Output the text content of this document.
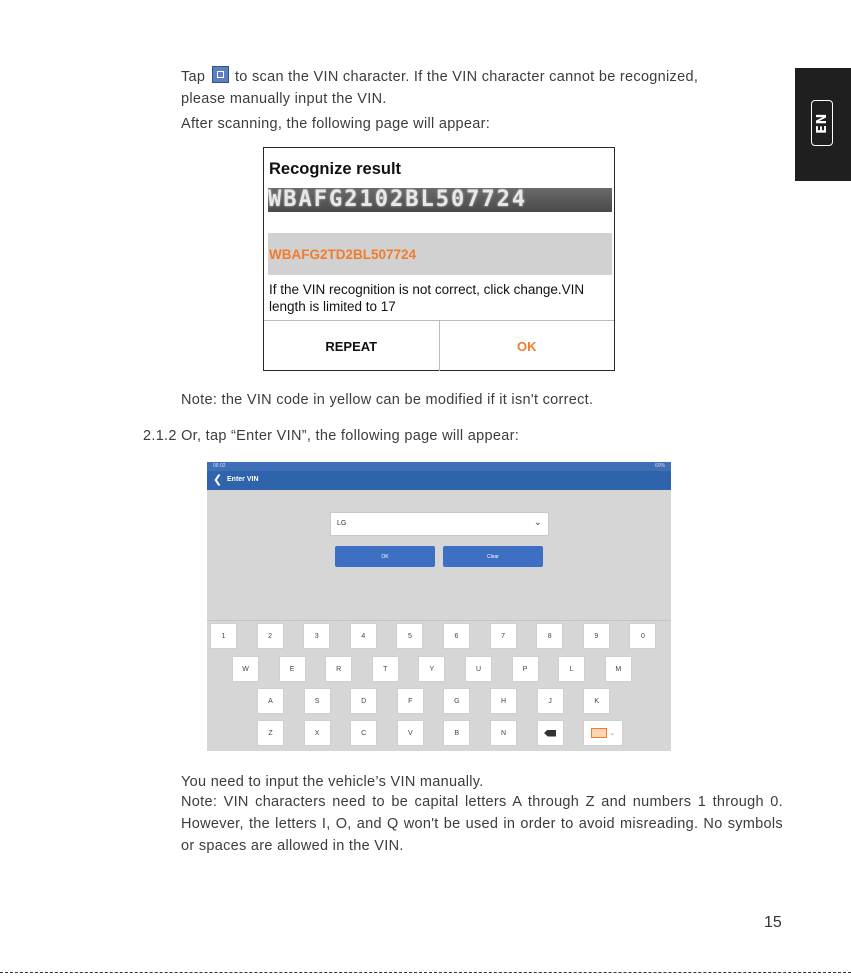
EN
Tap to scan the VIN character. If the VIN character cannot be recognized,
please manually input the VIN.
After scanning, the following page will appear:
Recognize result
WBAFG2102BL507724
WBAFG2TD2BL507724
If the VIN recognition is not correct, click change.VIN length is limited to 17
REPEAT	OK
Note: the VIN code in yellow can be modified if it isn't correct.
2.1.2 Or, tap “Enter VIN”, the following page will appear:
06:02	60%
❮ Enter VIN
LG	⌄
OK	Clear
1	2	3	4	5	6	7	8	9	0
W	E	R	T	Y	U	P	L	M
A	S	D	F	G	H	J	K
Z	X	C	V	B	N	⌄
You need to input the vehicle’s VIN manually.
Note: VIN characters need to be capital letters A through Z and numbers 1 through 0. However, the letters I, O, and Q won't be used in order to avoid misreading. No symbols or spaces are allowed in the VIN.
15
